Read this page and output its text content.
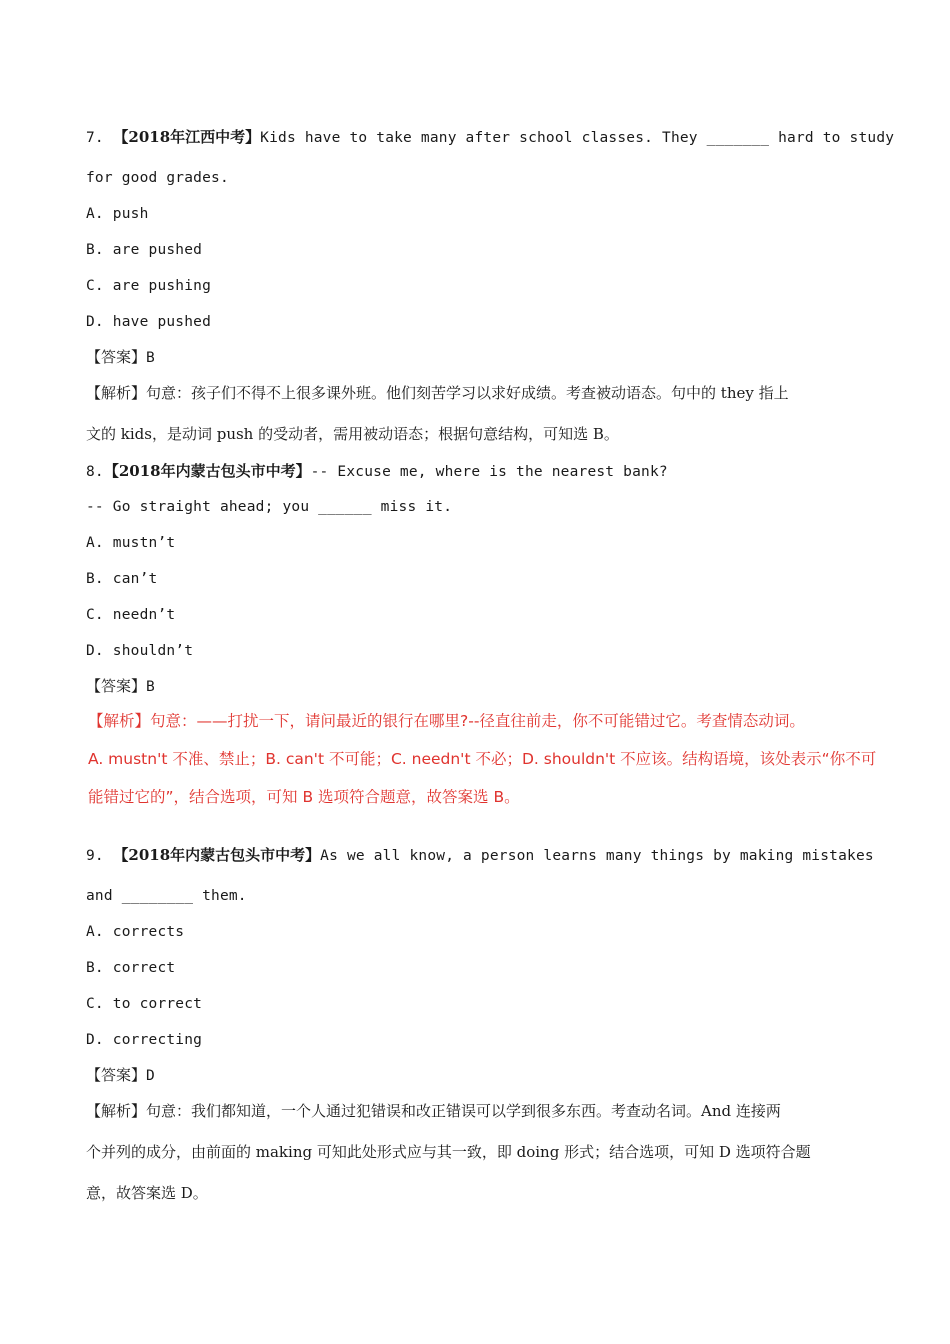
7. 【2018年江西中考】Kids have to take many after school classes. They _______ hard to study
for good grades.
A. push
B. are pushed
C. are pushing
D. have pushed
【答案】B
【解析】句意：孩子们不得不上很多课外班。他们刻苦学习以求好成绩。考查被动语态。句中的 they 指上
文的 kids，是动词 push 的受动者，需用被动语态；根据句意结构，可知选 B。
8.【2018年内蒙古包头市中考】-- Excuse me, where is the nearest bank?
-- Go straight ahead; you ______ miss it.
A. mustn’t
B. can’t
C. needn’t
D. shouldn’t
【答案】B
【解析】句意：——打扰一下，请问最近的银行在哪里?--径直往前走，你不可能错过它。考查情态动词。
A. mustn't 不准、禁止；B. can't 不可能；C. needn't 不必；D. shouldn't 不应该。结构语境，该处表示“你不可
能错过它的”，结合选项，可知 B 选项符合题意，故答案选 B。
9. 【2018年内蒙古包头市中考】As we all know, a person learns many things by making mistakes
and ________ them.
A. corrects
B. correct
C. to correct
D. correcting
【答案】D
【解析】句意：我们都知道，一个人通过犯错误和改正错误可以学到很多东西。考查动名词。And 连接两
个并列的成分，由前面的 making 可知此处形式应与其一致，即 doing 形式；结合选项，可知 D 选项符合题
意，故答案选 D。
